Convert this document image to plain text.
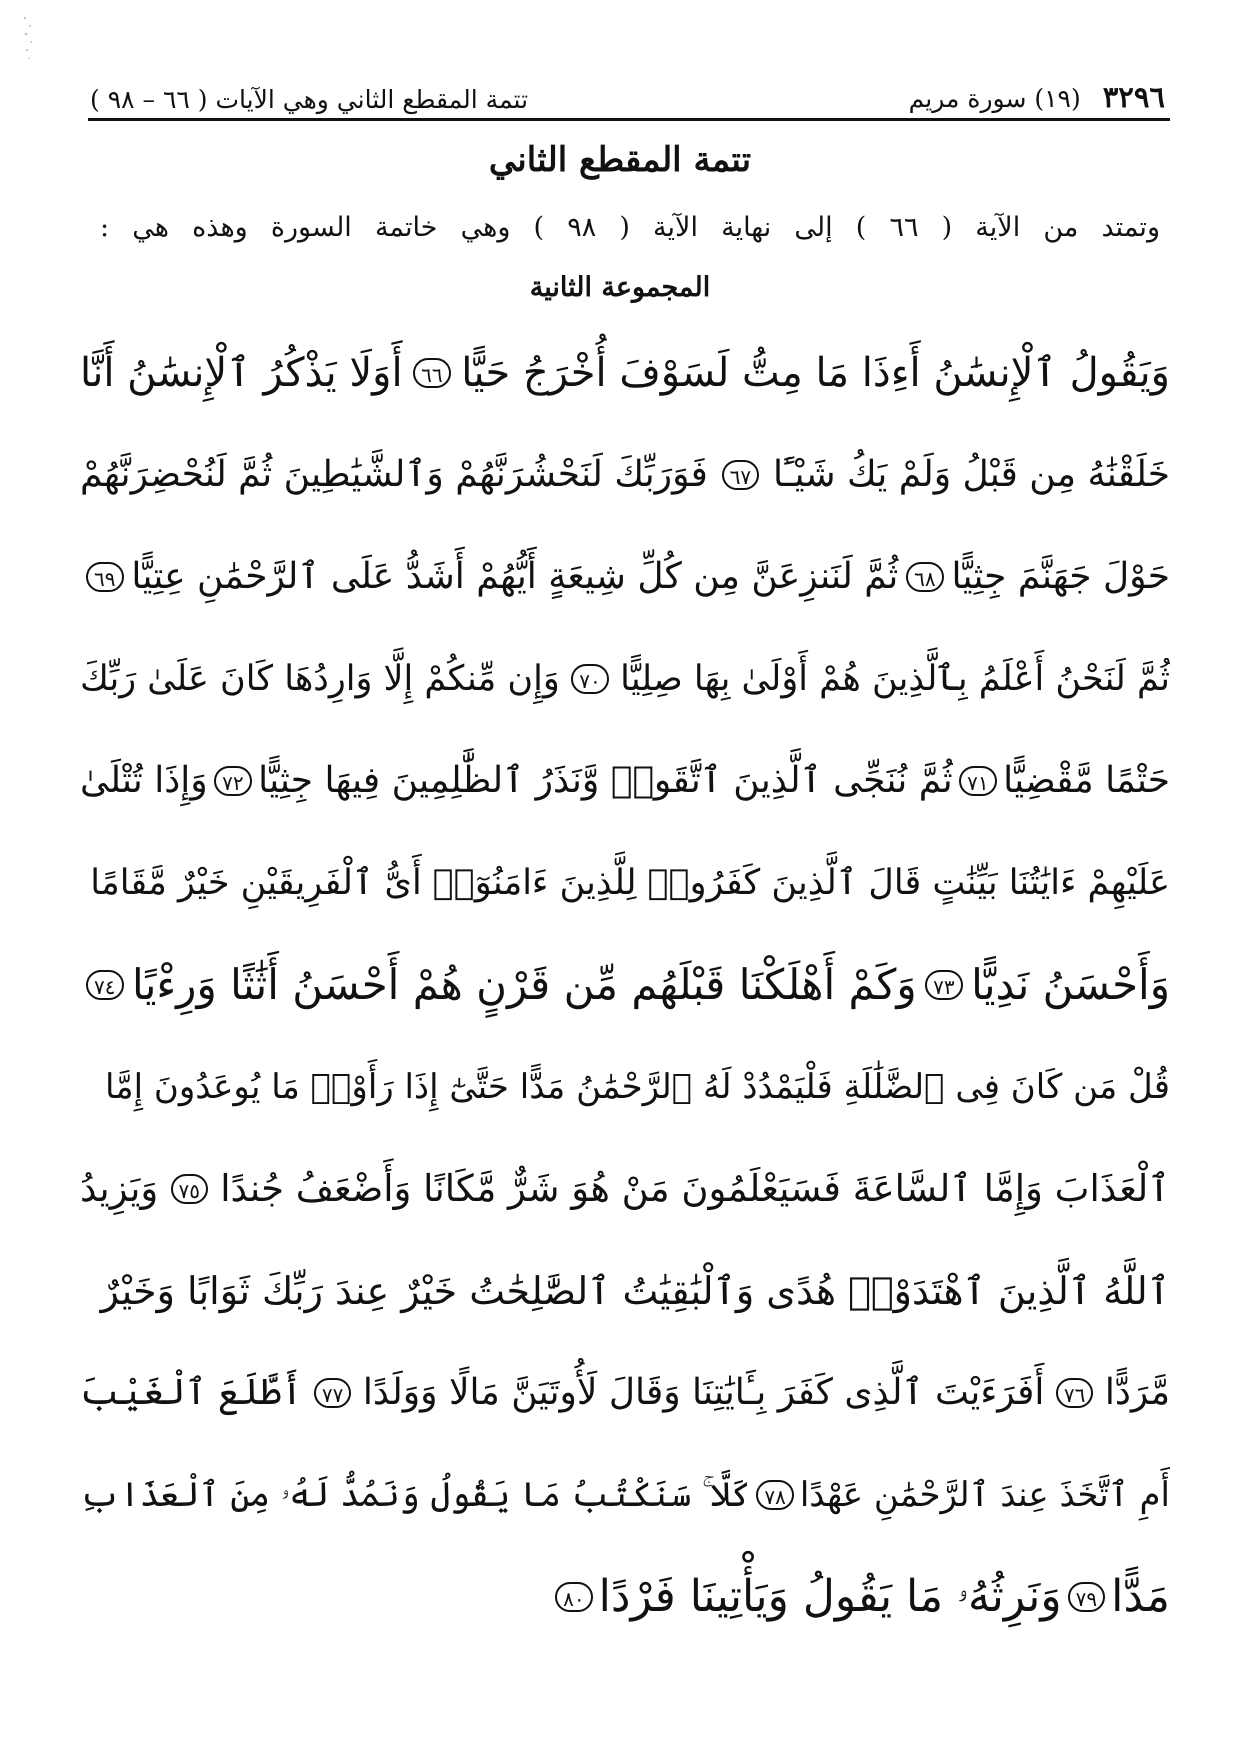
٣٢٩٦ (١٩) سورة مريم
تتمة المقطع الثاني وهي الآيات ( ٦٦ – ٩٨ )
تتمة المقطع الثاني
وتمتد من الآية ( ٦٦ ) إلى نهاية الآية ( ٩٨ ) وهي خاتمة السورة وهذه هي :
المجموعة الثانية
وَيَقُولُ ٱلْإِنسَٰنُ أَءِذَا مَا مِتُّ لَسَوْفَ أُخْرَجُ حَيًّا
٦٦
أَوَلَا يَذْكُرُ ٱلْإِنسَٰنُ أَنَّا
خَلَقْنَٰهُ مِن قَبْلُ وَلَمْ يَكُ شَيْـًٔا
٦٧
فَوَرَبِّكَ لَنَحْشُرَنَّهُمْ وَٱلشَّيَٰطِينَ ثُمَّ لَنُحْضِرَنَّهُمْ
حَوْلَ جَهَنَّمَ جِثِيًّا
٦٨
ثُمَّ لَنَنزِعَنَّ مِن كُلِّ شِيعَةٍ أَيُّهُمْ أَشَدُّ عَلَى ٱلرَّحْمَٰنِ عِتِيًّا
٦٩
ثُمَّ لَنَحْنُ أَعْلَمُ بِٱلَّذِينَ هُمْ أَوْلَىٰ بِهَا صِلِيًّا
٧٠
وَإِن مِّنكُمْ إِلَّا وَارِدُهَا كَانَ عَلَىٰ رَبِّكَ
حَتْمًا مَّقْضِيًّا
٧١
ثُمَّ نُنَجِّى ٱلَّذِينَ ٱتَّقَوا۟ وَّنَذَرُ ٱلظَّٰلِمِينَ فِيهَا جِثِيًّا
٧٢
وَإِذَا تُتْلَىٰ
عَلَيْهِمْ ءَايَٰتُنَا بَيِّنَٰتٍ قَالَ ٱلَّذِينَ كَفَرُوا۟ لِلَّذِينَ ءَامَنُوٓا۟ أَىُّ ٱلْفَرِيقَيْنِ خَيْرٌ مَّقَامًا
وَأَحْسَنُ نَدِيًّا
٧٣
وَكَمْ أَهْلَكْنَا قَبْلَهُم مِّن قَرْنٍ هُمْ أَحْسَنُ أَثَٰثًا وَرِءْيًا
٧٤
قُلْ مَن كَانَ فِى ٱلضَّلَٰلَةِ فَلْيَمْدُدْ لَهُ ٱلرَّحْمَٰنُ مَدًّا حَتَّىٰٓ إِذَا رَأَوْا۟ مَا يُوعَدُونَ إِمَّا
ٱلْعَذَابَ وَإِمَّا ٱلسَّاعَةَ فَسَيَعْلَمُونَ مَنْ هُوَ شَرٌّ مَّكَانًا وَأَضْعَفُ جُندًا
٧٥
وَيَزِيدُ
ٱللَّهُ ٱلَّذِينَ ٱهْتَدَوْا۟ هُدًى وَٱلْبَٰقِيَٰتُ ٱلصَّٰلِحَٰتُ خَيْرٌ عِندَ رَبِّكَ ثَوَابًا وَخَيْرٌ
مَّرَدًّا
٧٦
أَفَرَءَيْتَ ٱلَّذِى كَفَرَ بِـَٔايَٰتِنَا وَقَالَ لَأُوتَيَنَّ مَالًا وَوَلَدًا
٧٧
أَطَّلَعَ ٱلْغَيْبَ
أَمِ ٱتَّخَذَ عِندَ ٱلرَّحْمَٰنِ عَهْدًا
٧٨
كَلَّا ۚ سَنَكْتُبُ مَا يَقُولُ وَنَمُدُّ لَهُۥ مِنَ ٱلْعَذَابِ
مَدًّا
٧٩
وَنَرِثُهُۥ مَا يَقُولُ وَيَأْتِينَا فَرْدًا
٨٠
